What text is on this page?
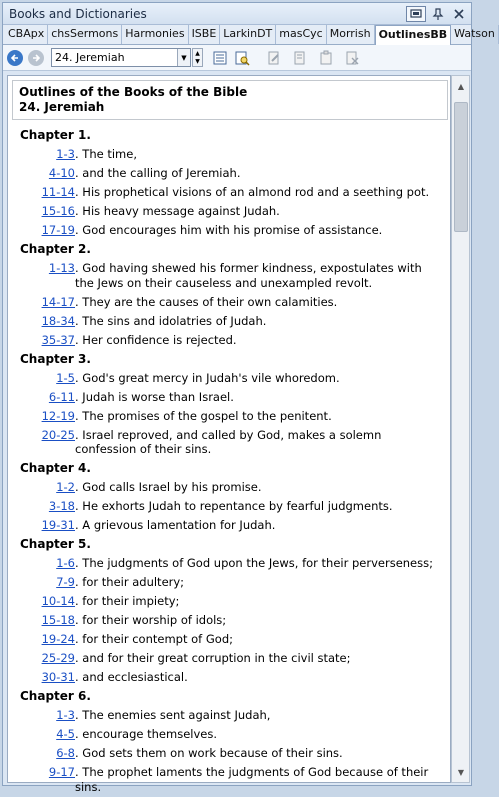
Books and Dictionaries
CBApx chsSermons Harmonies ISBE LarkinDT masCyc Morrish OutlinesBB Watson
24. Jeremiah	▼
▲
▼
Outlines of the Books of the Bible
24. Jeremiah
Chapter 1.
1-3 . The time,
4-10 . and the calling of Jeremiah.
11-14 . His prophetical visions of an almond rod and a seething pot.
15-16 . His heavy message against Judah.
17-19 . God encourages him with his promise of assistance.
Chapter 2.
1-13 . God having shewed his former kindness, expostulates with the Jews on their causeless and unexampled revolt.
14-17 . They are the causes of their own calamities.
18-34 . The sins and idolatries of Judah.
35-37 . Her confidence is rejected.
Chapter 3.
1-5 . God's great mercy in Judah's vile whoredom.
6-11 . Judah is worse than Israel.
12-19 . The promises of the gospel to the penitent.
20-25 . Israel reproved, and called by God, makes a solemn confession of their sins.
Chapter 4.
1-2 . God calls Israel by his promise.
3-18 . He exhorts Judah to repentance by fearful judgments.
19-31 . A grievous lamentation for Judah.
Chapter 5.
1-6 . The judgments of God upon the Jews, for their perverseness;
7-9 . for their adultery;
10-14 . for their impiety;
15-18 . for their worship of idols;
19-24 . for their contempt of God;
25-29 . and for their great corruption in the civil state;
30-31 . and ecclesiastical.
Chapter 6.
1-3 . The enemies sent against Judah,
4-5 . encourage themselves.
6-8 . God sets them on work because of their sins.
9-17 . The prophet laments the judgments of God because of their sins.
▲
▼
